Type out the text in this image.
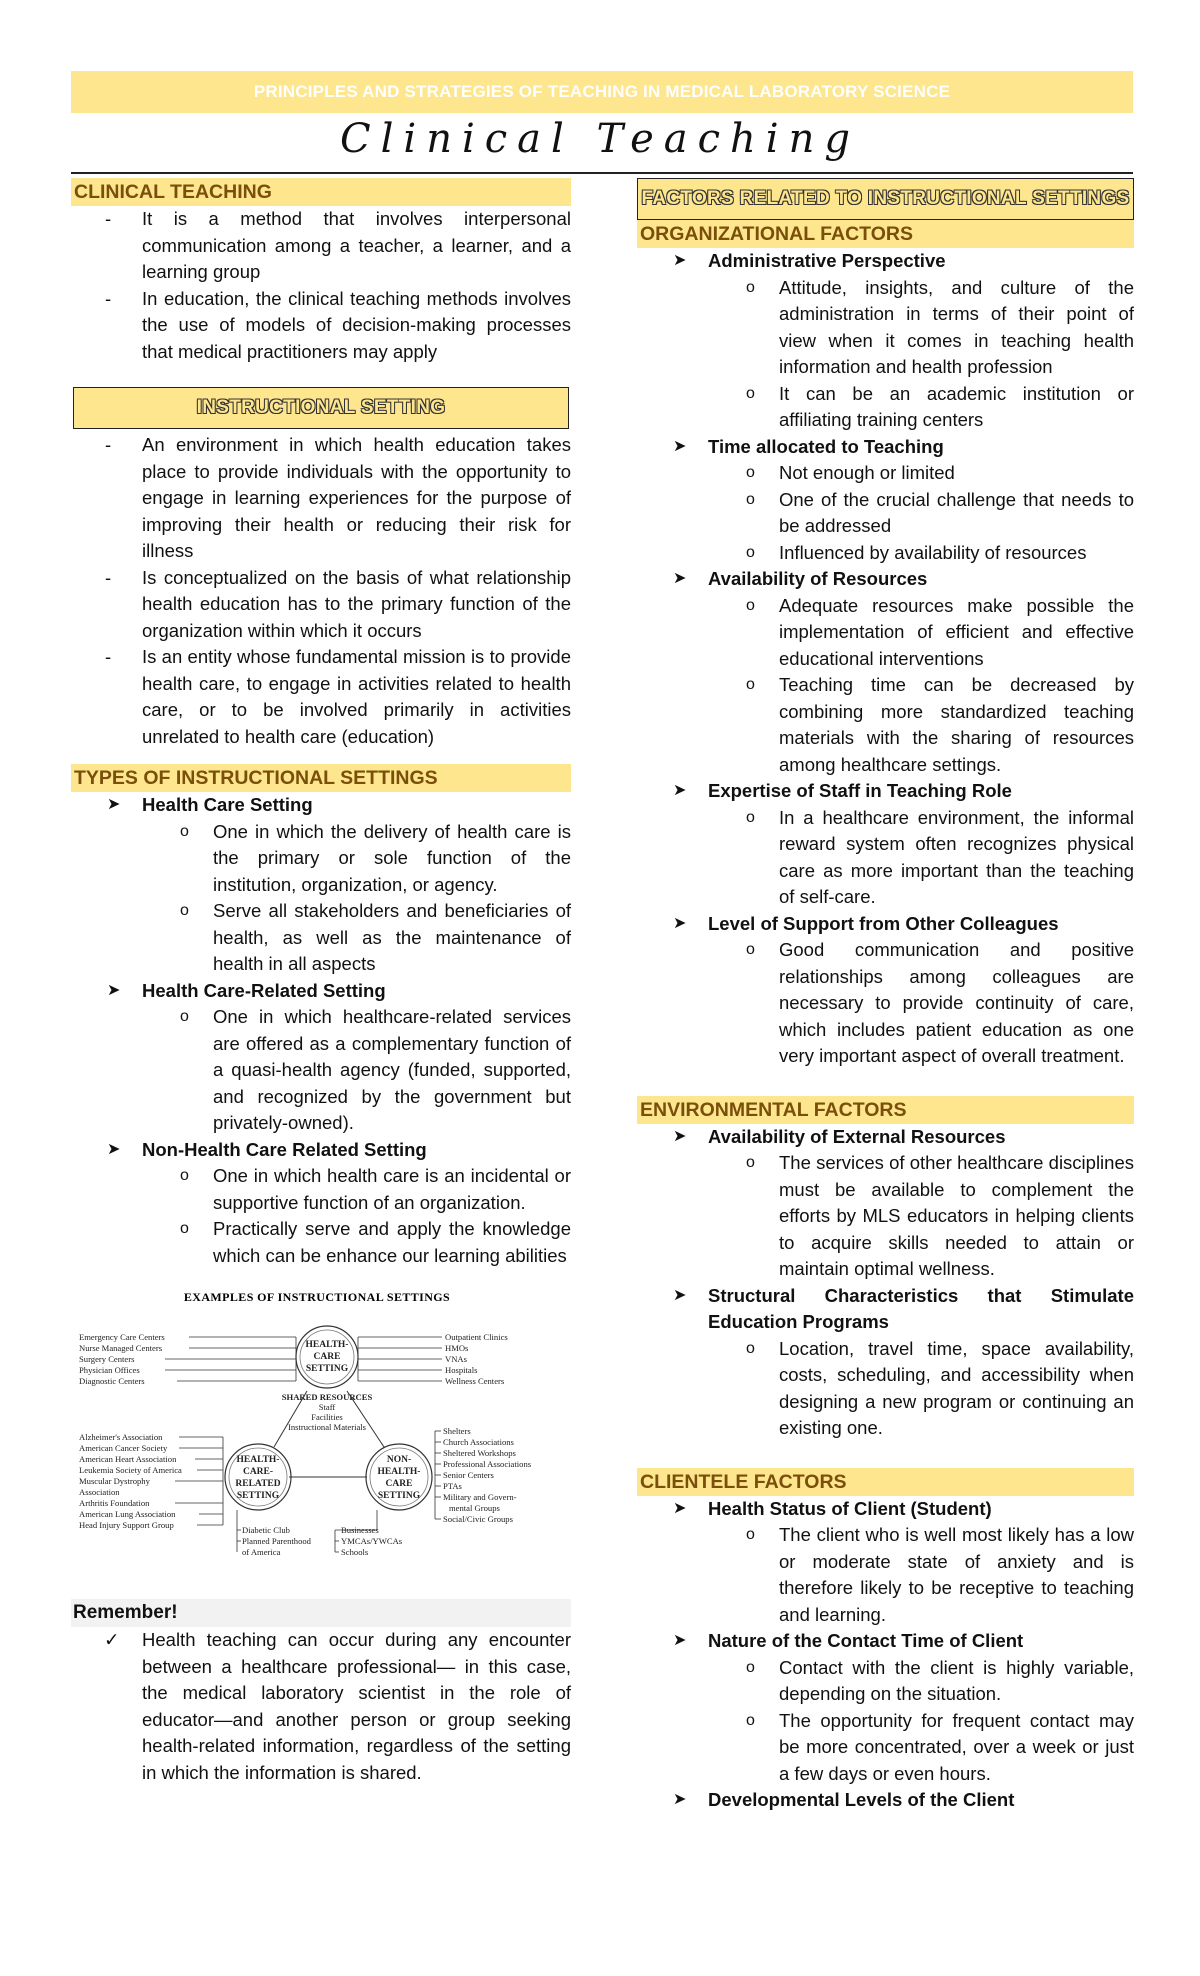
PRINCIPLES AND STRATEGIES OF TEACHING IN MEDICAL LABORATORY SCIENCE
Clinical Teaching
CLINICAL TEACHING
- It is a method that involves interpersonal communication among a teacher, a learner, and a learning group
- In education, the clinical teaching methods involves the use of models of decision-making processes that medical practitioners may apply
INSTRUCTIONAL SETTING
- An environment in which health education takes place to provide individuals with the opportunity to engage in learning experiences for the purpose of improving their health or reducing their risk for illness
- Is conceptualized on the basis of what relationship health education has to the primary function of the organization within which it occurs
- Is an entity whose fundamental mission is to provide health care, to engage in activities related to health care, or to be involved primarily in activities unrelated to health care (education)
TYPES OF INSTRUCTIONAL SETTINGS
➤ Health Care Setting
o One in which the delivery of health care is the primary or sole function of the institution, organization, or agency.
o Serve all stakeholders and beneficiaries of health, as well as the maintenance of health in all aspects
➤ Health Care-Related Setting
o One in which healthcare-related services are offered as a complementary function of a quasi-health agency (funded, supported, and recognized by the government but privately-owned).
➤ Non-Health Care Related Setting
o One in which health care is an incidental or supportive function of an organization.
o Practically serve and apply the knowledge which can be enhance our learning abilities
EXAMPLES OF INSTRUCTIONAL SETTINGS
HEALTH-
CARE
SETTING
Emergency Care Centers
Nurse Managed Centers
Surgery Centers
Physician Offices
Diagnostic Centers
Outpatient Clinics
HMOs
VNAs
Hospitals
Wellness Centers
SHARED RESOURCES
Staff
Facilities
Instructional Materials
HEALTH-
CARE-
RELATED
SETTING
Alzheimer's Association
American Cancer Society
American Heart Association
Leukemia Society of America
Muscular Dystrophy
Association
Arthritis Foundation
American Lung Association
Head Injury Support Group	Diabetic Club
Planned Parenthood
of America
NON-
HEALTH-
CARE
SETTING
Shelters
Church Associations
Sheltered Workshops
Professional Associations
Senior Centers
PTAs
Military and Govern-
mental Groups
Social/Civic Groups
Businesses
YMCAs/YWCAs
Schools
Remember!
✓ Health teaching can occur during any encounter between a healthcare professional— in this case, the medical laboratory scientist in the role of educator—and another person or group seeking health-related information, regardless of the setting in which the information is shared.
FACTORS RELATED TO INSTRUCTIONAL SETTINGS
ORGANIZATIONAL FACTORS
➤ Administrative Perspective
o Attitude, insights, and culture of the administration in terms of their point of view when it comes in teaching health information and health profession
o It can be an academic institution or affiliating training centers
➤ Time allocated to Teaching
o Not enough or limited
o One of the crucial challenge that needs to be addressed
o Influenced by availability of resources
➤ Availability of Resources
o Adequate resources make possible the implementation of efficient and effective educational interventions
o Teaching time can be decreased by combining more standardized teaching materials with the sharing of resources among healthcare settings.
➤ Expertise of Staff in Teaching Role
o In a healthcare environment, the informal reward system often recognizes physical care as more important than the teaching of self-care.
➤ Level of Support from Other Colleagues
o Good communication and positive relationships among colleagues are necessary to provide continuity of care, which includes patient education as one very important aspect of overall treatment.
ENVIRONMENTAL FACTORS
➤ Availability of External Resources
o The services of other healthcare disciplines must be available to complement the efforts by MLS educators in helping clients to acquire skills needed to attain or maintain optimal wellness.
➤ Structural Characteristics that Stimulate Education Programs
o Location, travel time, space availability, costs, scheduling, and accessibility when designing a new program or continuing an existing one.
CLIENTELE FACTORS
➤ Health Status of Client (Student)
o The client who is well most likely has a low or moderate state of anxiety and is therefore likely to be receptive to teaching and learning.
➤ Nature of the Contact Time of Client
o Contact with the client is highly variable, depending on the situation.
o The opportunity for frequent contact may be more concentrated, over a week or just a few days or even hours.
➤ Developmental Levels of the Client
